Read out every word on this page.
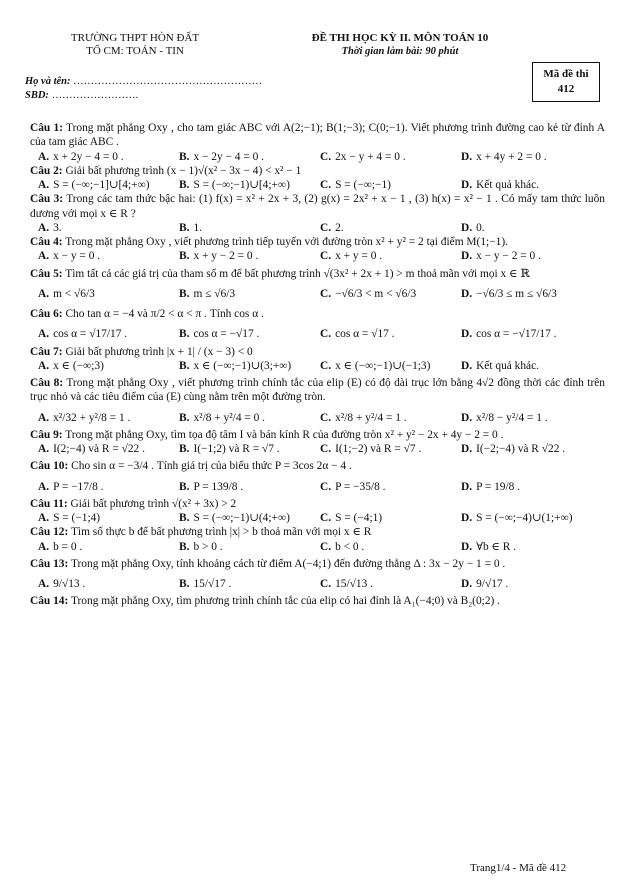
TRƯỜNG THPT HÒN ĐẤT
TỔ CM: TOÁN - TIN
ĐỀ THI HỌC KỲ II. MÔN TOÁN 10
Thời gian làm bài: 90 phút
Họ và tên: ………………………………………………
SBD: …………………….
Mã đề thi
412
Câu 1: Trong mặt phẳng Oxy , cho tam giác ABC với A(2;−1); B(1;−3); C(0;−1). Viết phương trình đường cao kẻ từ đỉnh A của tam giác ABC .
A. x + 2y − 4 = 0 .	B. x − 2y − 4 = 0 .	C. 2x − y + 4 = 0 .	D. x + 4y + 2 = 0 .
Câu 2: Giải bất phương trình (x − 1)√(x² − 3x − 4) < x² − 1
A. S = (−∞;−1]∪[4;+∞)	B. S = (−∞;−1)∪[4;+∞)	C. S = (−∞;−1)	D. Kết quả khác.
Câu 3: Trong các tam thức bậc hai: (1) f(x) = x² + 2x + 3, (2) g(x) = 2x² + x − 1 , (3) h(x) = x² − 1 . Có mấy tam thức luôn dương với mọi x ∈ R ?
A. 3.	B. 1.	C. 2.	D. 0.
Câu 4: Trong mặt phẳng Oxy , viết phương trình tiếp tuyến với đường tròn x² + y² = 2 tại điểm M(1;−1).
A. x − y = 0 .	B. x + y − 2 = 0 .	C. x + y = 0 .	D. x − y − 2 = 0 .
Câu 5: Tìm tất cả các giá trị của tham số m để bất phương trình √(3x² + 2x + 1) > m thoả mãn với mọi x ∈ ℝ
A. m < √6/3	B. m ≤ √6/3	C. −√6/3 < m < √6/3	D. −√6/3 ≤ m ≤ √6/3
Câu 6: Cho tan α = −4 và π/2 < α < π . Tính cos α .
A. cos α = √17/17 .	B. cos α = −√17 .	C. cos α = √17 .	D. cos α = −√17/17 .
Câu 7: Giải bất phương trình |x + 1| / (x − 3) < 0
A. x ∈ (−∞;3)	B. x ∈ (−∞;−1)∪(3;+∞)	C. x ∈ (−∞;−1)∪(−1;3)	D. Kết quả khác.
Câu 8: Trong mặt phẳng Oxy , viết phương trình chính tắc của elip (E) có độ dài trục lớn bằng 4√2 đồng thời các đỉnh trên trục nhỏ và các tiêu điểm của (E) cùng nằm trên một đường tròn.
A. x²/32 + y²/8 = 1 .	B. x²/8 + y²/4 = 0 .	C. x²/8 + y²/4 = 1 .	D. x²/8 − y²/4 = 1 .
Câu 9: Trong mặt phẳng Oxy, tìm tọa độ tâm I và bán kính R của đường tròn x² + y² − 2x + 4y − 2 = 0 .
A. I(2;−4) và R = √22 .	B. I(−1;2) và R = √7 .	C. I(1;−2) và R = √7 .	D. I(−2;−4) và R √22 .
Câu 10: Cho sin α = −3/4 . Tính giá trị của biểu thức P = 3cos 2α − 4 .
A. P = −17/8 .	B. P = 139/8 .	C. P = −35/8 .	D. P = 19/8 .
Câu 11: Giải bất phương trình √(x² + 3x) > 2
A. S = (−1;4)	B. S = (−∞;−1)∪(4;+∞)	C. S = (−4;1)	D. S = (−∞;−4)∪(1;+∞)
Câu 12: Tìm số thực b để bất phương trình |x| > b thoả mãn với mọi x ∈ R
A. b = 0 .	B. b > 0 .	C. b < 0 .	D. ∀b ∈ R .
Câu 13: Trong mặt phẳng Oxy, tính khoảng cách từ điểm A(−4;1) đến đường thẳng Δ : 3x − 2y − 1 = 0 .
A. 9/√13 .	B. 15/√17 .	C. 15/√13 .	D. 9/√17 .
Câu 14: Trong mặt phẳng Oxy, tìm phương trình chính tắc của elip có hai đỉnh là A₁(−4;0) và B₂(0;2) .
Trang1/4 - Mã đề 412
